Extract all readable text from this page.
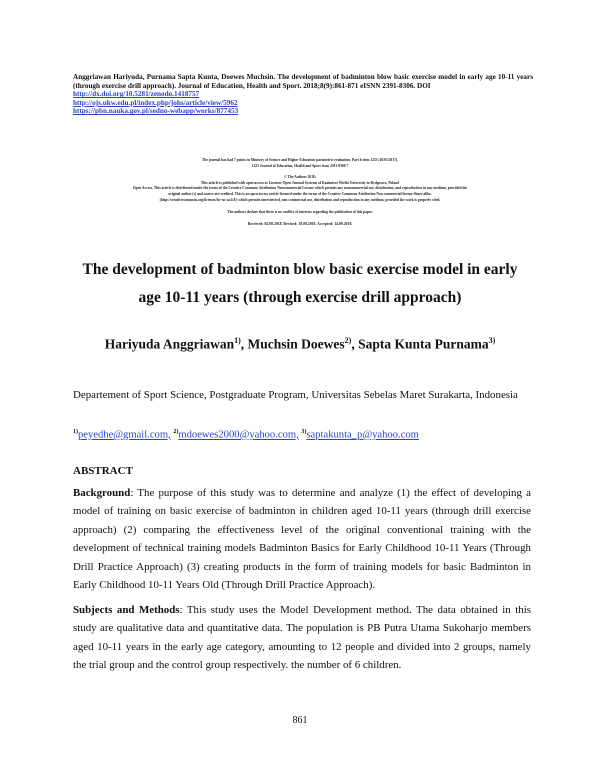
Anggriawan Hariyuda, Purnama Sapta Kunta, Doewes Muchsin. The development of badminton blow basic exercise model in early age 10-11 years (through exercise drill approach). Journal of Education, Health and Sport. 2018;8(9):861-871 eISNN 2391-8306. DOI
http://dx.doi.org/10.5281/zenodo.1418757
http://ojs.ukw.edu.pl/index.php/johs/article/view/5962
https://pbn.nauka.gov.pl/sedno-webapp/works/877453
The journal has had 7 points in Ministry of Science and Higher Education parametric evaluation. Part b item 1223 (26/01/2017).
1223 Journal of Education, Health and Sport eissn 2391-8306 7
© The Authors 2018;
This article is published with open access at Licensee Open Journal Systems of Kazimierz Wielki University in Bydgoszcz, Poland
Open Access. This article is distributed under the terms of the Creative Commons Attribution Noncommercial License which permits any noncommercial use, distribution, and reproduction in any medium, provided the
original author (s) and source are credited. This is an open access article licensed under the terms of the Creative Commons Attribution Non commercial license Share alike.
(http://creativecommons.org/licenses/by-nc-sa/4.0/) which permits unrestricted, non commercial use, distribution and reproduction in any medium, provided the work is properly cited.
The authors declare that there is no conflict of interests regarding the publication of this paper.
Received: 02.08.2018. Revised: 18.08.2018. Accepted: 14.09.2018.
The development of badminton blow basic exercise model in early
age 10-11 years (through exercise drill approach)
Hariyuda Anggriawan$^{1)}$, Muchsin Doewes$^{2)}$, Sapta Kunta Purnama$^{3)}$
Departement of Sport Science, Postgraduate Program, Universitas Sebelas Maret Surakarta, Indonesia
$^{1)}$peyedhe@gmail.com, $^{2)}$mdoewes2000@yahoo.com, $^{3)}$saptakunta_p@yahoo.com
ABSTRACT

Background: The purpose of this study was to determine and analyze (1) the effect of developing a model of training on basic exercise of badminton in children aged 10-11 years (through drill exercise approach) (2) comparing the effectiveness level of the original conventional training with the development of technical training models Badminton Basics for Early Childhood 10-11 Years (Through Drill Practice Approach) (3) creating products in the form of training models for basic Badminton in Early Childhood 10-11 Years Old (Through Drill Practice Approach).

Subjects and Methods: This study uses the Model Development method. The data obtained in this study are qualitative data and quantitative data. The population is PB Putra Utama Sukoharjo members aged 10-11 years in the early age category, amounting to 12 people and divided into 2 groups, namely the trial group and the control group respectively. the number of 6 children.

861
